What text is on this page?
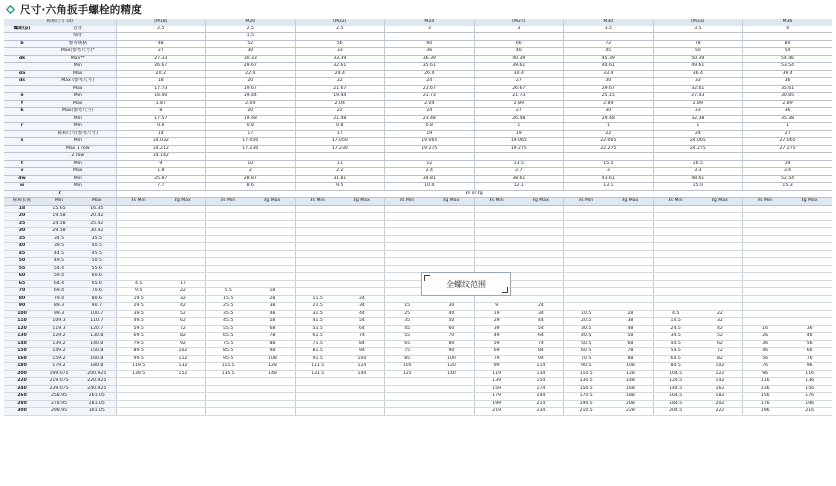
尺寸·六角扳手螺栓的精度
称称尺寸 (d)			(M18)		M20		(M22)		M24		(M27)		M30		(M33)		M36	
螺距(p)	近牙		2.5		2.5		2.5		3		3		3.5		3.5		4	
	细牙				1.5													
b	参考规格		48		52		56		60		66		72		78		84	
	Max(参考尺寸)*		27		30		33		36		40		45		50		54	
dk	Max**		27.33		30.33		33.39		36.39		40.39		45.39		50.39		54.46	
	Min		26.67		29.67		32.61		35.61		39.61		44.61		49.61		53.54	
da	Max		20.2		22.4		24.4		26.4		30.4		33.4		36.4		39.4	
ds	Max (参考尺寸)		18		20		22		24		27		30		33		36	
	Max		17.73		19.67		21.67		23.67		26.67		29.67		32.61		35.61	
e	Min		16.00		19.44		19.44		21.73		21.73		25.15		27.43		30.85	
f	Max		1.87		2.04		2.04		2.04		2.89		2.89		2.89		2.89	
k	Max(参考尺寸)		8		20		22		24		27		30		33		36	
	Min		17.57		19.48		21.48		23.48		26.48		29.48		32.38		35.38	
r	Min		0.6		0.8		0.8		0.8		1		1		1		1	
	称称尺寸(参考尺寸)		14		17		17		19		19		22		24		27	
s	Min		14.032		17.050		17.050		19.065		19.065		22.065		24.065		27.065	
	Max 1 row		14.212		17.230		17.230		19.275		19.275		22.275		24.275		27.275	
	2 row		14.142															
t	Min		9		10		11		12		13.5		15.5		16.5		19	
v	Max		1.8		2		2.2		2.4		2.7		3		3.3		3.6	
dw	Min		25.87		28.87		31.81		34.81		38.61		43.61		48.61		52.54	
w	Min		7.7		8.6		9.5		10.4		12.1		13.1		15.0		15.3	
ℓ			ℓs or ℓg															
称称长度	Min	Max	ℓs Min	ℓg Max	ℓs Min	ℓg Max	ℓs Min	ℓg Max	ℓs Min	ℓg Max	ℓs Min	ℓg Max	ℓs Min	ℓg Max	ℓs Min	ℓg Max	ℓs Min	ℓg Max
18	15.65	16.35																
20	19.58	20.42																
25	24.58	25.42																
30	29.58	30.42																
35	34.5	35.5																
40	39.5	40.5																
45	44.5	45.5																
50	49.5	50.5																
55	54.4	55.6																
60	59.4	60.6																
65	64.4	65.6	4.5	17														
70	69.4	70.6	9.5	22	5.5	18												
80	79.4	80.6	19.5	32	15.5	28	11.5	24										
90	89.3	90.7	29.5	42	25.5	38	21.5	34	15	30	9	24						
100	99.3	100.7	39.5	52	35.5	48	31.5	44	25	40	19	34	10.5	28	4.5	22		
110	109.3	110.7	49.5	62	45.5	58	41.5	54	35	50	29	44	20.5	38	14.5	32		
120	119.3	120.7	59.5	72	55.5	68	51.5	64	45	60	39	54	30.5	48	24.5	42	16	36
130	129.2	130.8	69.5	82	65.5	78	61.5	74	55	70	49	64	40.5	58	34.5	52	26	46
140	139.2	140.8	79.5	92	75.5	88	71.5	84	65	80	59	74	50.5	68	44.5	62	36	56
150	149.2	150.8	89.5	102	85.5	98	81.5	94	75	90	69	84	60.5	78	54.5	72	46	66
160	159.2	160.8	99.5	112	95.5	108	91.5	104	85	100	79	94	70.5	88	64.5	82	56	76
180	179.2	180.8	119.5	132	115.5	128	111.5	124	105	120	99	114	90.5	108	84.5	102	76	96
200	199.075	200.925	139.5	152	135.5	148	131.5	144	125	140	119	134	110.5	128	104.5	122	96	116
220	219.075	220.925									139	154	130.5	148	124.5	142	116	136
240	239.075	240.925									159	174	150.5	168	144.5	162	136	156
260	258.95	261.05									179	194	170.5	188	164.5	182	156	176
280	278.95	281.05									199	214	190.5	208	184.5	202	176	196
300	298.95	301.05									219	234	210.5	228	204.5	222	196	216
全螺纹范围
